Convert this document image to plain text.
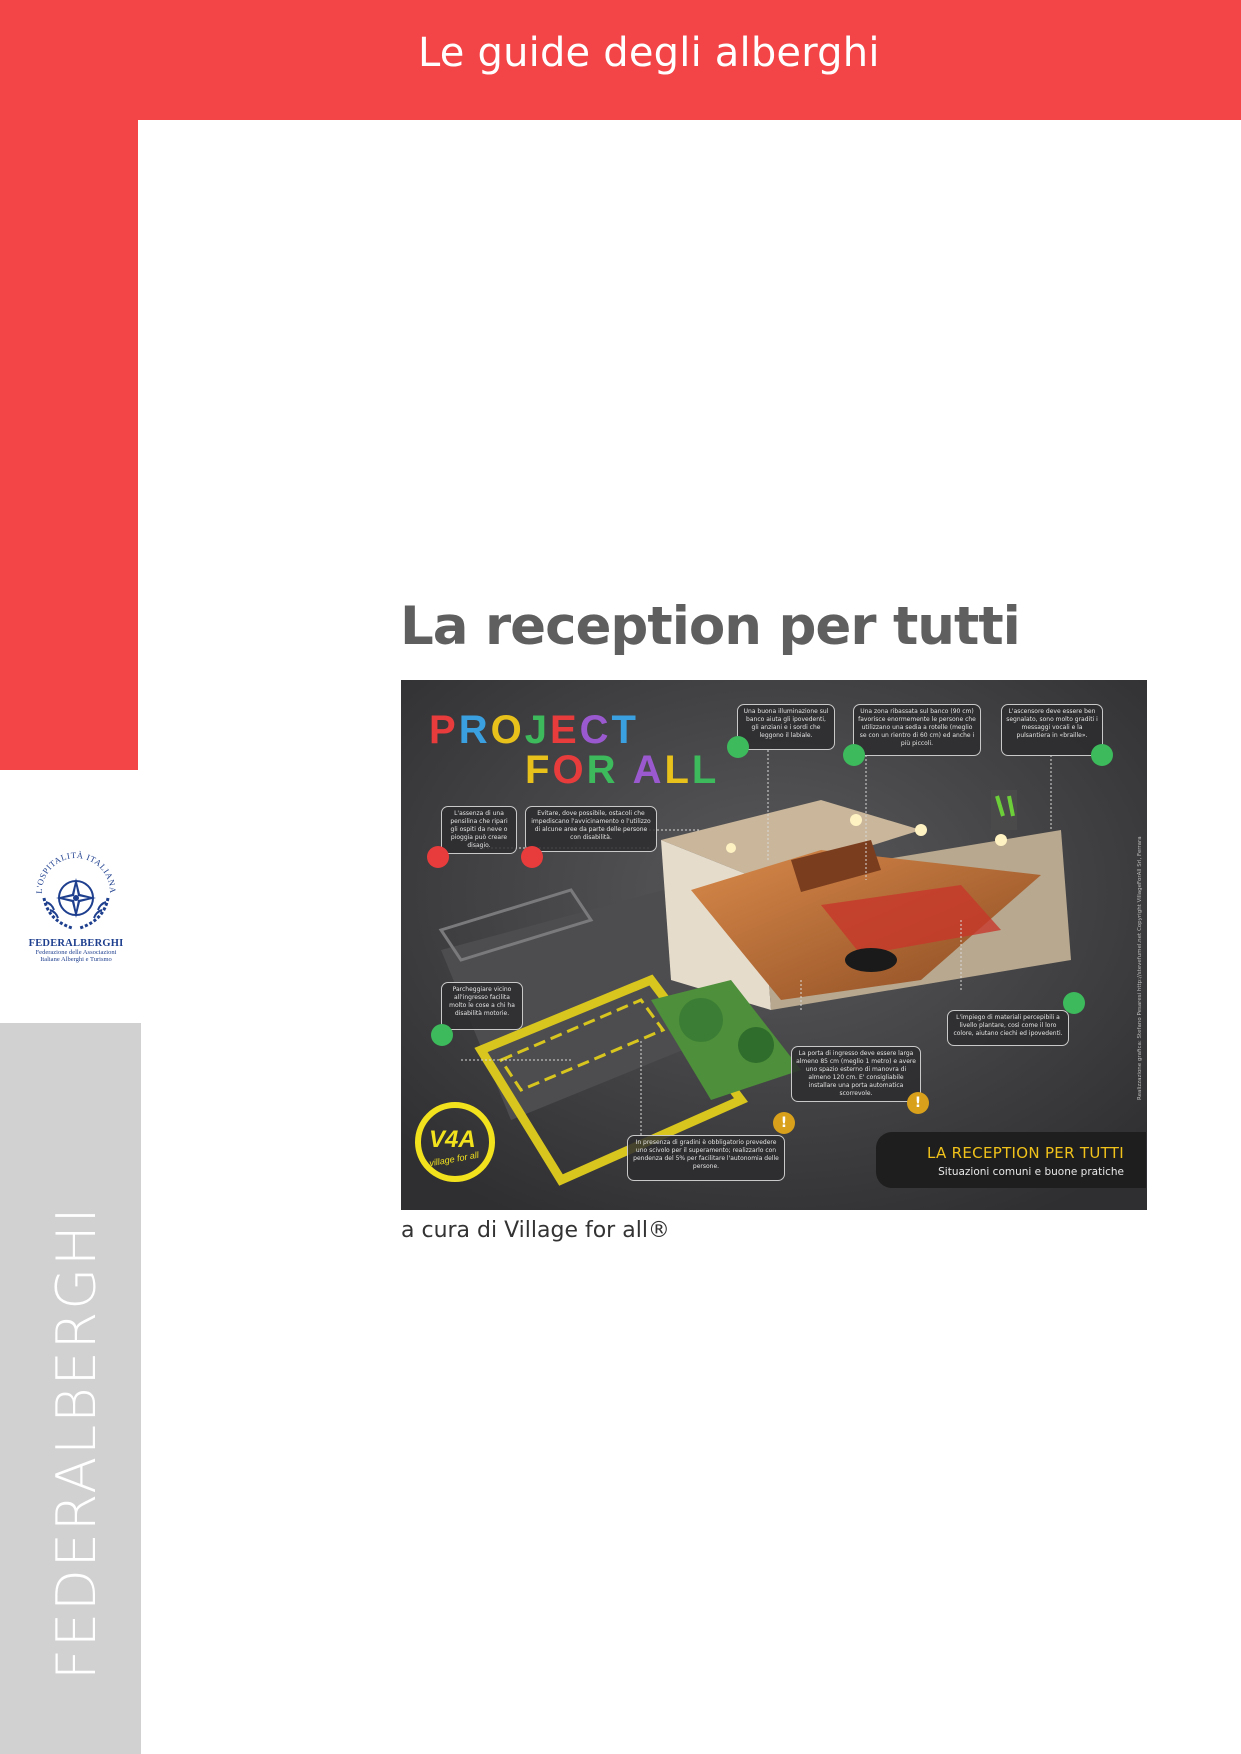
Le guide degli alberghi
FEDERALBERGHI
L'OSPITALITÀ ITALIANA
FEDERALBERGHI
Federazione delle Associazioni
Italiane Alberghi e Turismo
La reception per tutti
PROJECT
FOR ALL
Una buona illuminazione sul banco aiuta gli ipovedenti, gli anziani e i sordi che leggono il labiale.
Una zona ribassata sul banco (90 cm) favorisce enormemente le persone che utilizzano una sedia a rotelle (meglio se con un rientro di 60 cm) ed anche i più piccoli.
L'ascensore deve essere ben segnalato, sono molto graditi i messaggi vocali e la pulsantiera in «braille».
L'assenza di una pensilina che ripari gli ospiti da neve o pioggia può creare disagio.
Evitare, dove possibile, ostacoli che impediscano l'avvicinamento o l'utilizzo di alcune aree da parte delle persone con disabilità.
Parcheggiare vicino all'ingresso facilita molto le cose a chi ha disabilità motorie.
L'impiego di materiali percepibili a livello plantare, così come il loro colore, aiutano ciechi ed ipovedenti.
La porta di ingresso deve essere larga almeno 85 cm (meglio 1 metro) e avere uno spazio esterno di manovra di almeno 120 cm. E' consigliabile installare una porta automatica scorrevole.
!
In presenza di gradini è obbligatorio prevedere uno scivolo per il superamento; realizzarlo con pendenza del 5% per facilitare l'autonomia delle persone.
!
V4A
village for all
Realizzazione grafica: Stefano Pesaresi http://stevefumel.net Copyright VillageForAll Srl, Ferrara
LA RECEPTION PER TUTTI
Situazioni comuni e buone pratiche
a cura di Village for all®
